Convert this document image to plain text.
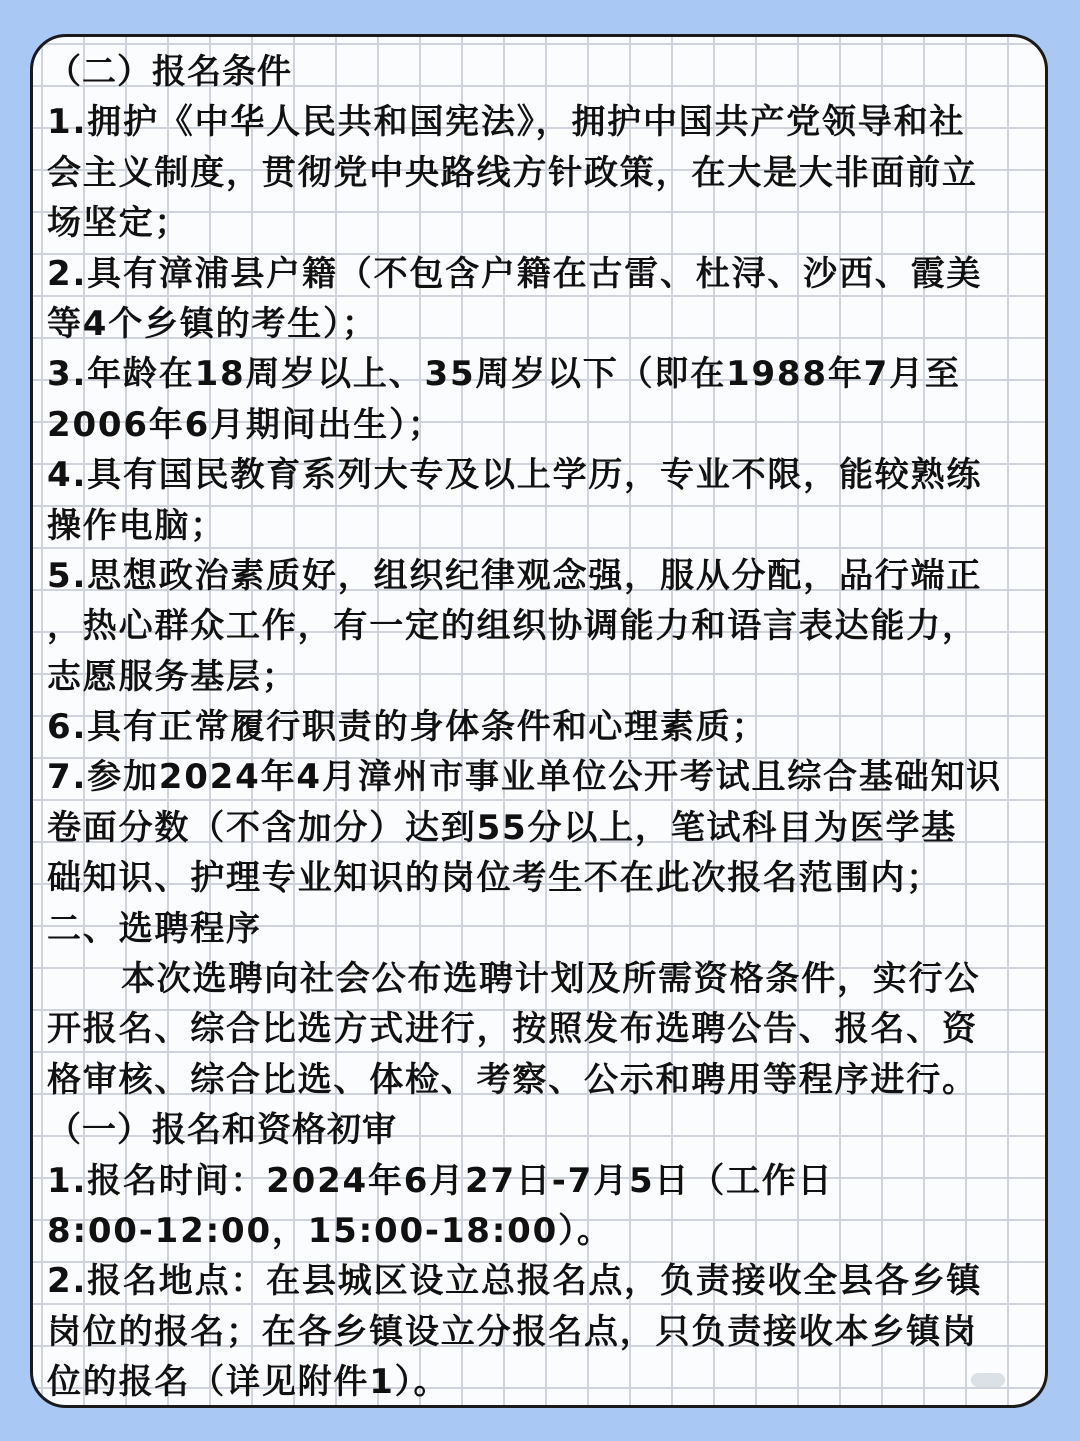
（二）报名条件
1.拥护《中华人民共和国宪法》，拥护中国共产党领导和社
会主义制度，贯彻党中央路线方针政策，在大是大非面前立
场坚定；
2.具有漳浦县户籍（不包含户籍在古雷、杜浔、沙西、霞美
等4个乡镇的考生）；
3.年龄在18周岁以上、35周岁以下（即在1988年7月至
2006年6月期间出生）；
4.具有国民教育系列大专及以上学历，专业不限，能较熟练
操作电脑；
5.思想政治素质好，组织纪律观念强，服从分配，品行端正
，热心群众工作，有一定的组织协调能力和语言表达能力，
志愿服务基层；
6.具有正常履行职责的身体条件和心理素质；
7.参加2024年4月漳州市事业单位公开考试且综合基础知识
卷面分数（不含加分）达到55分以上，笔试科目为医学基
础知识、护理专业知识的岗位考生不在此次报名范围内；
二、选聘程序
本次选聘向社会公布选聘计划及所需资格条件，实行公
开报名、综合比选方式进行，按照发布选聘公告、报名、资
格审核、综合比选、体检、考察、公示和聘用等程序进行。
（一）报名和资格初审
1.报名时间：2024年6月27日-7月5日（工作日
8:00-12:00，15:00-18:00）。
2.报名地点：在县城区设立总报名点，负责接收全县各乡镇
岗位的报名；在各乡镇设立分报名点，只负责接收本乡镇岗
位的报名（详见附件1）。
